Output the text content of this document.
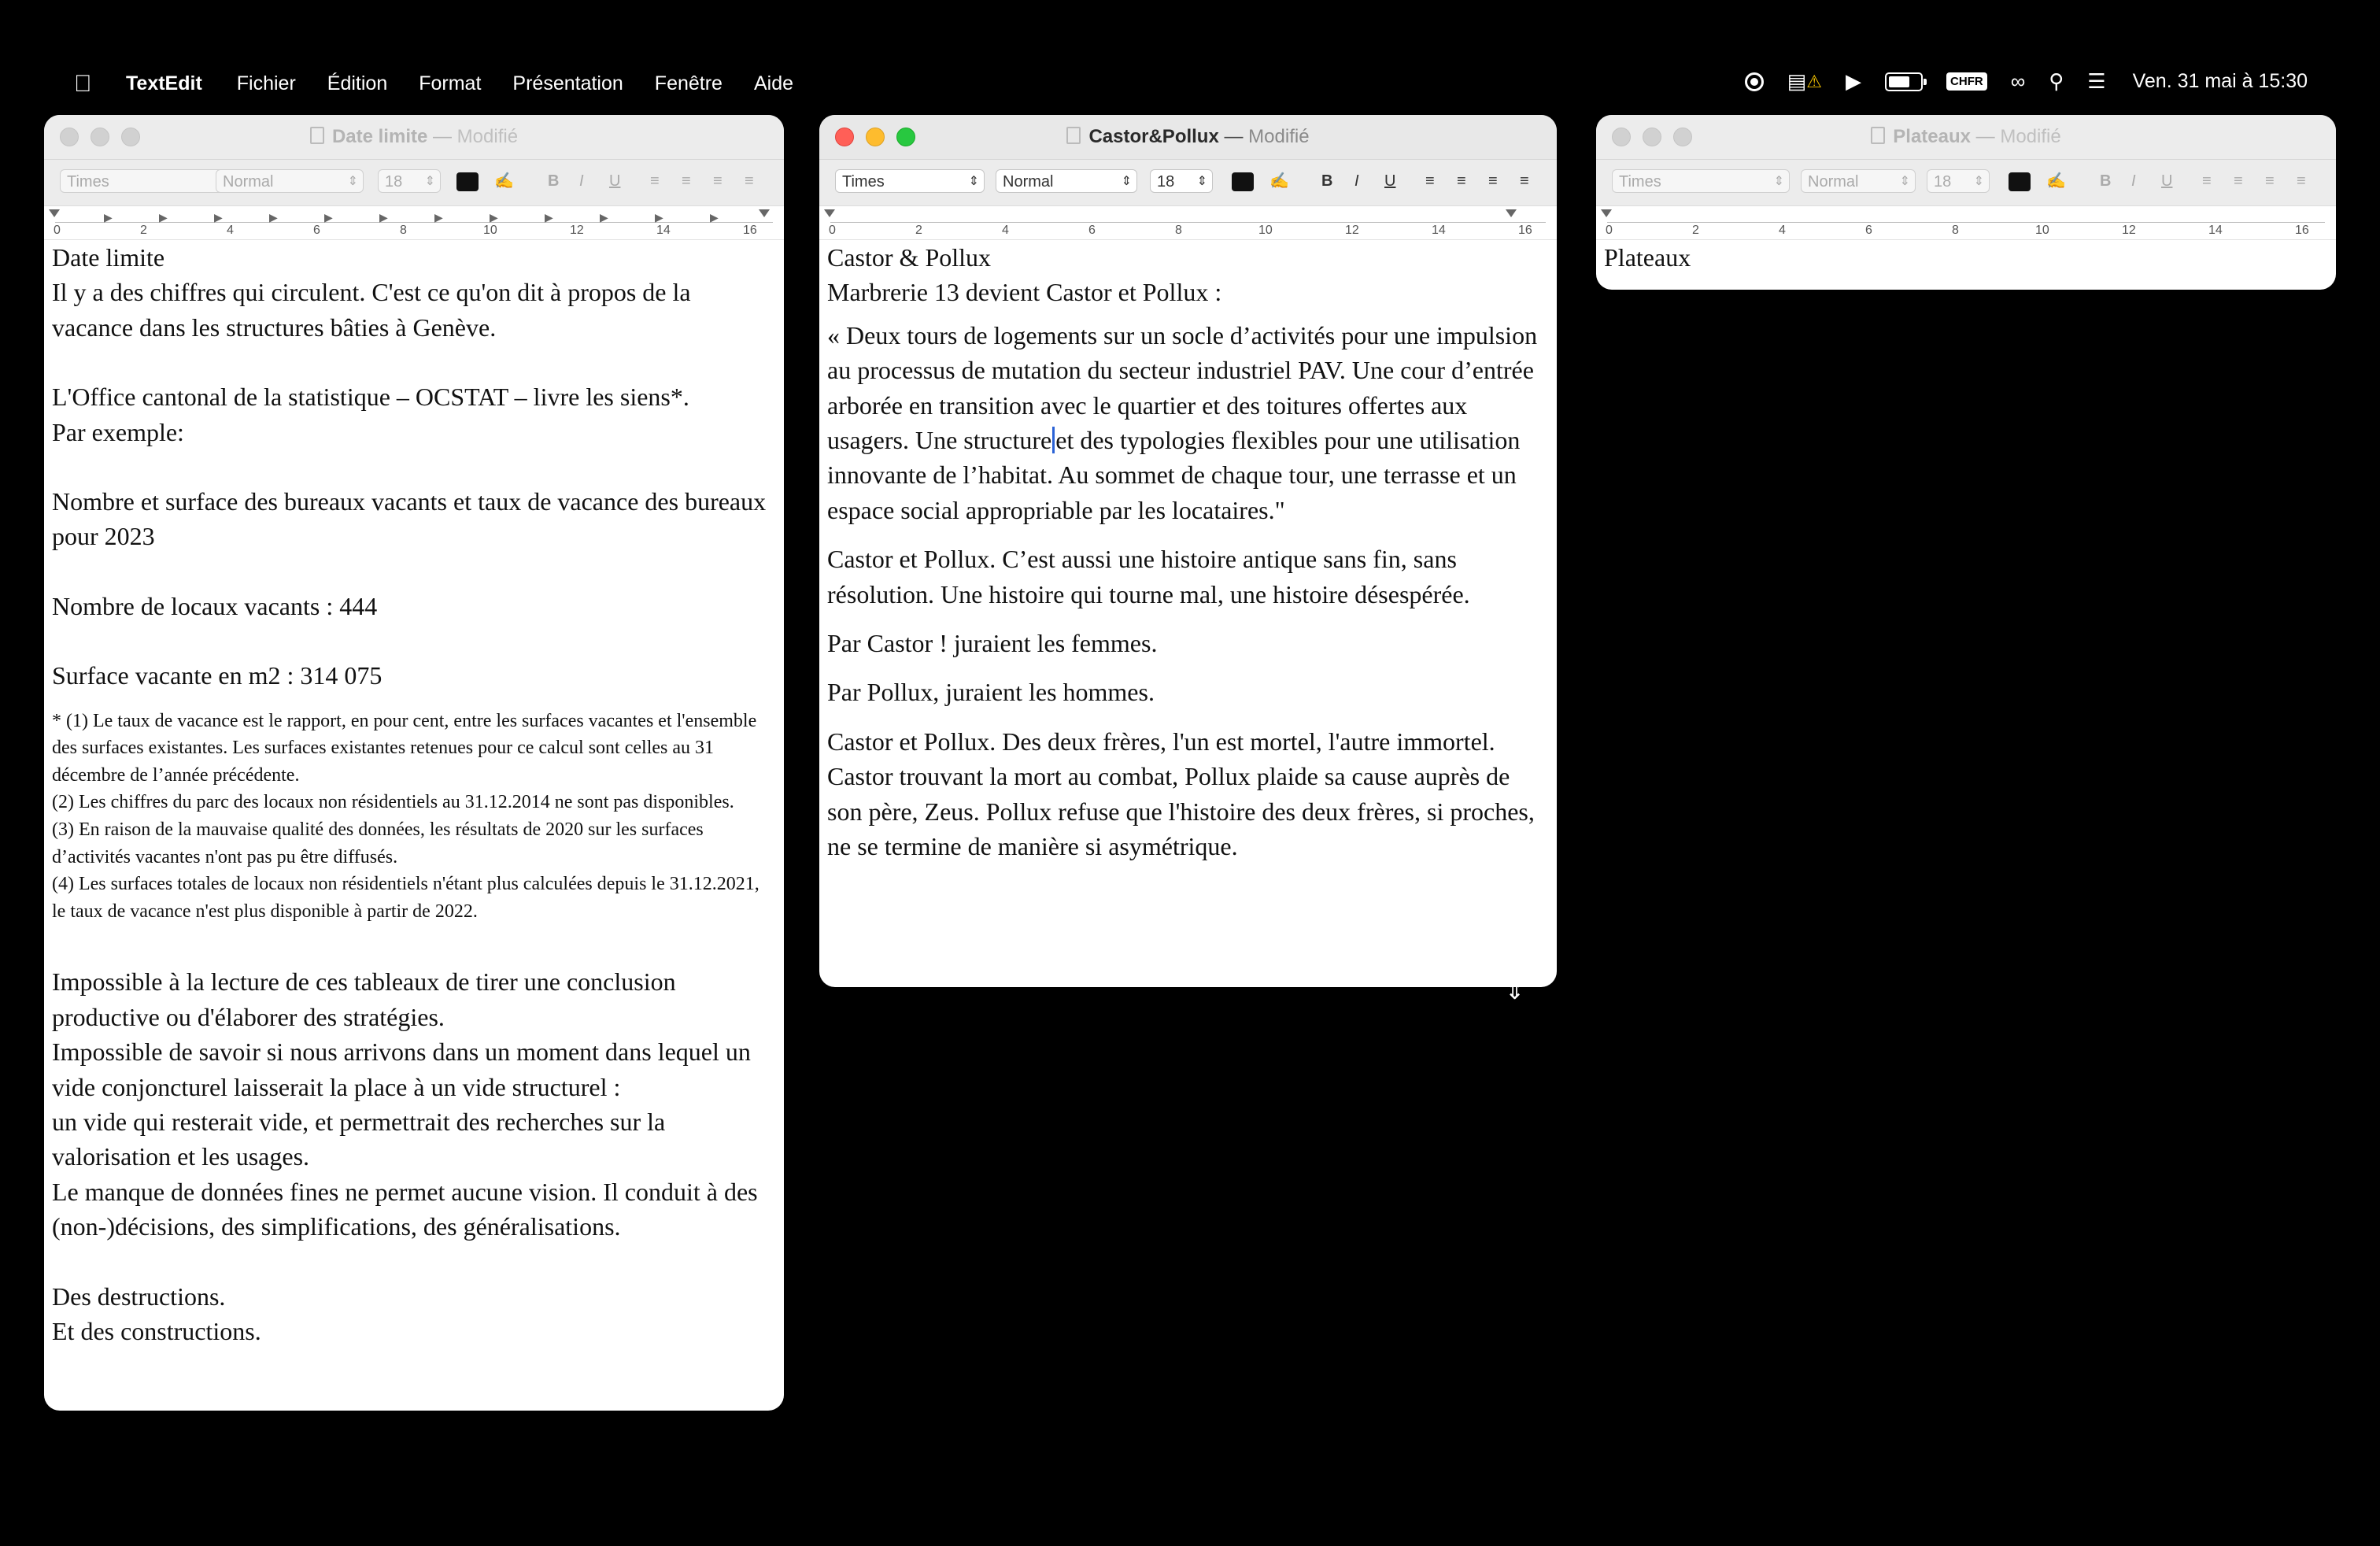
TextEdit Fichier Édition Format Présentation Fenêtre Aide	▤ ⚠ ▶︎	CHFR ∞ ⚲ ☰ Ven. 31 mai à 15:30
Date limite — Modifié
Times ⇕	Normal ⇕	18 ⇕	✍ B I U ≡ ≡ ≡ ≡
▶	▶	▶	▶	▶	▶	▶	▶	▶	▶	▶	▶
0	2	4	6	8	10	12	14	16

Date limite

Il y a des chiffres qui circulent. C'est ce qu'on dit à propos de la vacance dans les structures bâties à Genève.

L'Office cantonal de la statistique – OCSTAT – livre les siens*.

Par exemple:

Nombre et surface des bureaux vacants et taux de vacance des bureaux pour 2023

Nombre de locaux vacants : 444

Surface vacante en m2 : 314 075

* (1) Le taux de vacance est le rapport, en pour cent, entre les surfaces vacantes et l'ensemble des surfaces existantes. Les surfaces existantes retenues pour ce calcul sont celles au 31 décembre de l’année précédente.

(2) Les chiffres du parc des locaux non résidentiels au 31.12.2014 ne sont pas disponibles.

(3) En raison de la mauvaise qualité des données, les résultats de 2020 sur les surfaces d’activités vacantes n'ont pas pu être diffusés.

(4) Les surfaces totales de locaux non résidentiels n'étant plus calculées depuis le 31.12.2021, le taux de vacance n'est plus disponible à partir de 2022.

Impossible à la lecture de ces tableaux de tirer une conclusion productive ou d'élaborer des stratégies.

Impossible de savoir si nous arrivons dans un moment dans lequel un vide conjoncturel laisserait la place à un vide structurel :

un vide qui resterait vide, et permettrait des recherches sur la valorisation et les usages.

Le manque de données fines ne permet aucune vision. Il conduit à des (non-)décisions, des simplifications, des généralisations.

Des destructions.

Et des constructions.

Castor&Pollux — Modifié
Times ⇕	Normal ⇕	18 ⇕	✍ B I U ≡ ≡ ≡ ≡
0	2	4	6	8	10	12	14	16

Castor & Pollux

Marbrerie 13 devient Castor et Pollux :

« Deux tours de logements sur un socle d’activités pour une impulsion au processus de mutation du secteur industriel PAV. Une cour d’entrée arborée en transition avec le quartier et des toitures offertes aux usagers. Une structure et des typologies flexibles pour une utilisation innovante de l’habitat. Au sommet de chaque tour, une terrasse et un espace social appropriable par les locataires."

Castor et Pollux. C’est aussi une histoire antique sans fin, sans résolution. Une histoire qui tourne mal, une histoire désespérée.

Par Castor ! juraient les femmes.

Par Pollux, juraient les hommes.

Castor et Pollux. Des deux frères, l'un est mortel, l'autre immortel. Castor trouvant la mort au combat, Pollux plaide sa cause auprès de son père, Zeus. Pollux refuse que l'histoire des deux frères, si proches, ne se termine de manière si asymétrique.

⇕
Plateaux — Modifié
Times ⇕	Normal ⇕	18 ⇕	✍ B I U ≡ ≡ ≡ ≡
0	2	4	6	8	10	12	14	16

Plateaux
